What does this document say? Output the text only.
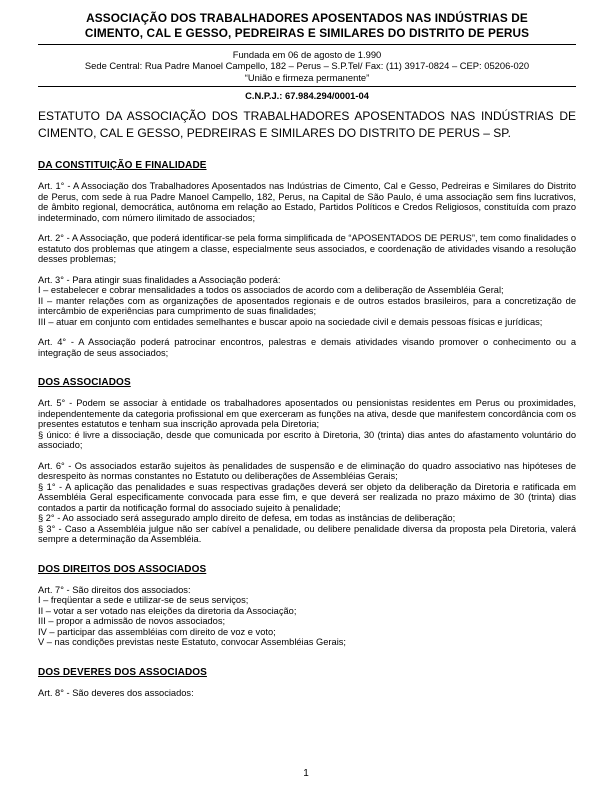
ASSOCIAÇÃO DOS TRABALHADORES APOSENTADOS NAS INDÚSTRIAS DE
CIMENTO, CAL E GESSO, PEDREIRAS E SIMILARES DO DISTRITO DE PERUS
Fundada em 06 de agosto de 1.990
Sede Central: Rua Padre Manoel Campello, 182 – Perus – S.P.Tel/ Fax: (11) 3917-0824 – CEP: 05206-020
“União e firmeza permanente”
C.N.P.J.: 67.984.294/0001-04

ESTATUTO DA ASSOCIAÇÃO DOS TRABALHADORES APOSENTADOS NAS INDÚSTRIAS DE CIMENTO, CAL E GESSO, PEDREIRAS E SIMILARES DO DISTRITO DE PERUS – SP.

DA CONSTITUIÇÃO E FINALIDADE

Art. 1° - A Associação dos Trabalhadores Aposentados nas Indústrias de Cimento, Cal e Gesso, Pedreiras e Similares do Distrito de Perus, com sede à rua Padre Manoel Campello, 182, Perus, na Capital de São Paulo, é uma associação sem fins lucrativos, de âmbito regional, democrática, autônoma em relação ao Estado, Partidos Políticos e Credos Religiosos, constituída com prazo indeterminado, com número ilimitado de associados;

Art. 2° - A Associação, que poderá identificar-se pela forma simplificada de “APOSENTADOS DE PERUS”, tem como finalidades o estatuto dos problemas que atingem a classe, especialmente seus associados, e coordenação de atividades visando a resolução desses problemas;

Art. 3° - Para atingir suas finalidades a Associação poderá:

I – estabelecer e cobrar mensalidades a todos os associados de acordo com a deliberação de Assembléia Geral;

II – manter relações com as organizações de aposentados regionais e de outros estados brasileiros, para a concretização de intercâmbio de experiências para cumprimento de suas finalidades;

III – atuar em conjunto com entidades semelhantes e buscar apoio na sociedade civil e demais pessoas físicas e jurídicas;

Art. 4° - A Associação poderá patrocinar encontros, palestras e demais atividades visando promover o conhecimento ou a integração de seus associados;

DOS ASSOCIADOS

Art. 5° - Podem se associar à entidade os trabalhadores aposentados ou pensionistas residentes em Perus ou proximidades, independentemente da categoria profissional em que exerceram as funções na ativa, desde que manifestem concordância com os presentes estatutos e tenham sua inscrição aprovada pela Diretoria;

§ único: é livre a dissociação, desde que comunicada por escrito à Diretoria, 30 (trinta) dias antes do afastamento voluntário do associado;

Art. 6° - Os associados estarão sujeitos às penalidades de suspensão e de eliminação do quadro associativo nas hipóteses de desrespeito às normas constantes no Estatuto ou deliberações de Assembléias Gerais;

§ 1° - A aplicação das penalidades e suas respectivas gradações deverá ser objeto da deliberação da Diretoria e ratificada em Assembléia Geral especificamente convocada para esse fim, e que deverá ser realizada no prazo máximo de 30 (trinta) dias contados a partir da notificação formal do associado sujeito à penalidade;

§ 2° - Ao associado será assegurado amplo direito de defesa, em todas as instâncias de deliberação;

§ 3° - Caso a Assembléia julgue não ser cabível a penalidade, ou delibere penalidade diversa da proposta pela Diretoria, valerá sempre a determinação da Assembléia.

DOS DIREITOS DOS ASSOCIADOS

Art. 7° - São direitos dos associados:

I – freqüentar a sede e utilizar-se de seus serviços;

II – votar a ser votado nas eleições da diretoria da Associação;

III – propor a admissão de novos associados;

IV – participar das assembléias com direito de voz e voto;

V – nas condições previstas neste Estatuto, convocar Assembléias Gerais;

DOS DEVERES DOS ASSOCIADOS

Art. 8° - São deveres dos associados:

1
